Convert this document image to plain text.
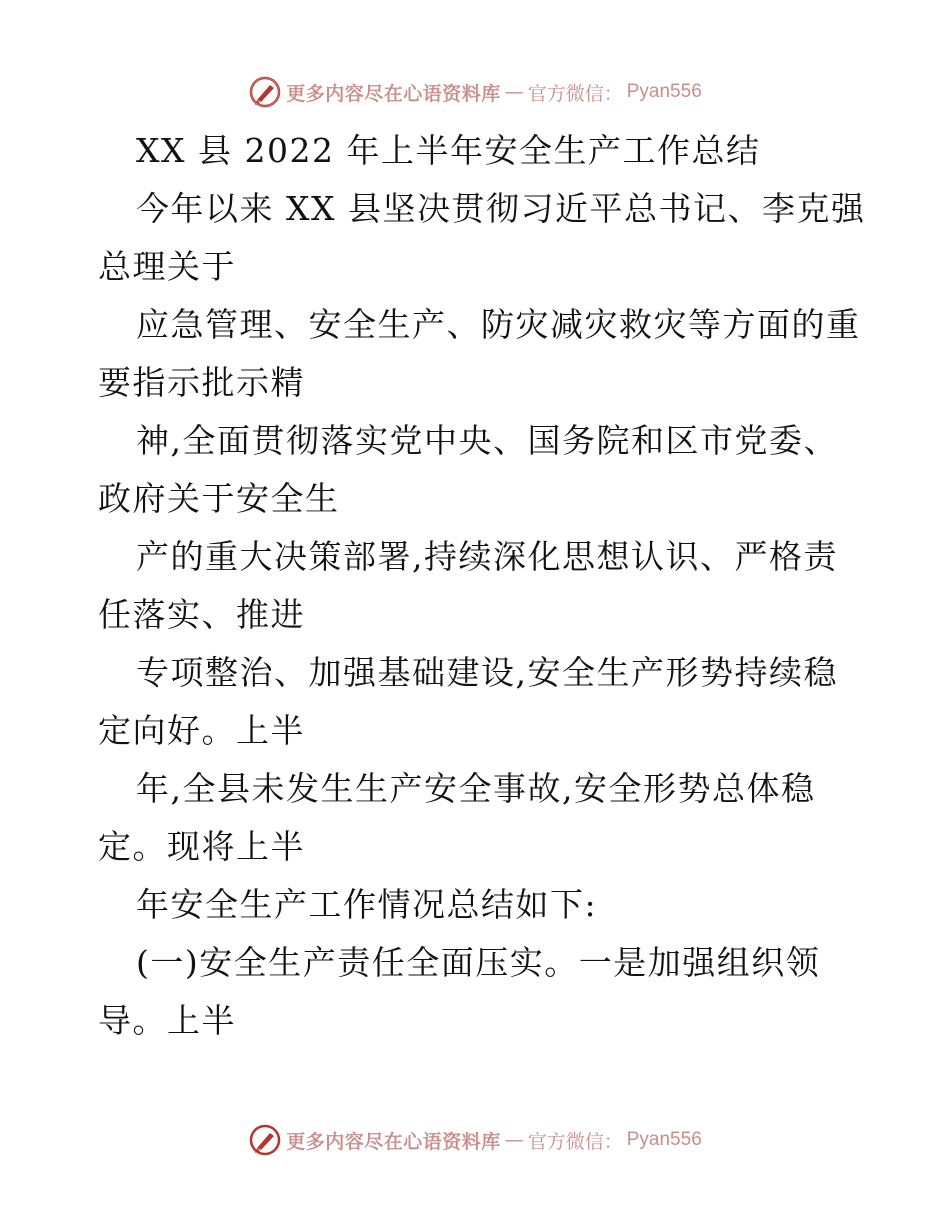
更多内容尽在心语资料库 — 官方微信： Pyan556
XX 县 2022 年上半年安全生产工作总结
今年以来 XX 县坚决贯彻习近平总书记、李克强
总理关于
应急管理、安全生产、防灾减灾救灾等方面的重
要指示批示精
神,全面贯彻落实党中央、国务院和区市党委、
政府关于安全生
产的重大决策部署,持续深化思想认识、严格责
任落实、推进
专项整治、加强基础建设,安全生产形势持续稳
定向好。上半
年,全县未发生生产安全事故,安全形势总体稳
定。现将上半
年安全生产工作情况总结如下:
(一)安全生产责任全面压实。一是加强组织领
导。上半
更多内容尽在心语资料库 — 官方微信： Pyan556
